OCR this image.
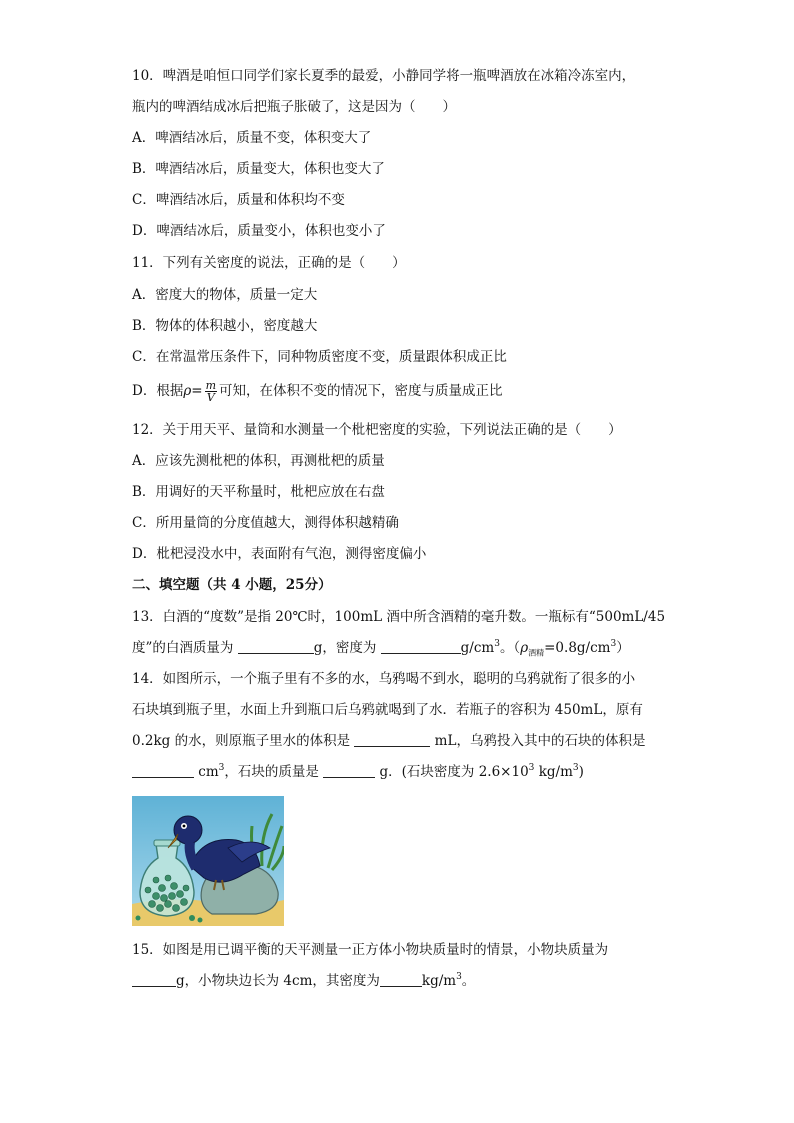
10．啤酒是咱恒口同学们家长夏季的最爱，小静同学将一瓶啤酒放在冰箱冷冻室内，
瓶内的啤酒结成冰后把瓶子胀破了，这是因为（　　）
A．啤酒结冰后，质量不变，体积变大了
B．啤酒结冰后，质量变大，体积也变大了
C．啤酒结冰后，质量和体积均不变
D．啤酒结冰后，质量变小，体积也变小了
11．下列有关密度的说法，正确的是（　　）
A．密度大的物体，质量一定大
B．物体的体积越小，密度越大
C．在常温常压条件下，同种物质密度不变，质量跟体积成正比
D．根据$\rho= \frac{m}{V}$ 可知，在体积不变的情况下，密度与质量成正比
12．关于用天平、量筒和水测量一个枇杷密度的实验，下列说法正确的是（　　）
A．应该先测枇杷的体积，再测枇杷的质量
B．用调好的天平称量时，枇杷应放在右盘
C．所用量筒的分度值越大，测得体积越精确
D．枇杷浸没水中，表面附有气泡，测得密度偏小
二、填空题（共 4 小题，25分）
13．白酒的“度数”是指 20℃时，100mL 酒中所含酒精的毫升数。一瓶标有“500mL/45
度”的白酒质量为	g，密度为	$g/cm^3$。$(\rho_{酒精}=0.8g/cm^3)$
14．如图所示，一个瓶子里有不多的水，乌鸦喝不到水，聪明的乌鸦就衔了很多的小
石块填到瓶子里，水面上升到瓶口后乌鸦就喝到了水．若瓶子的容积为 450mL，原有
0.2kg 的水，则原瓶子里水的体积是	mL，乌鸦投入其中的石块的体积是
$cm^3$，石块的质量是	g．(石块密度为 $2.6\times 10^3$ $kg/m^3$)
15．如图是用已调平衡的天平测量一正方体小物块质量时的情景，小物块质量为
g，小物块边长为 4cm，其密度为	$kg/m^3$。
